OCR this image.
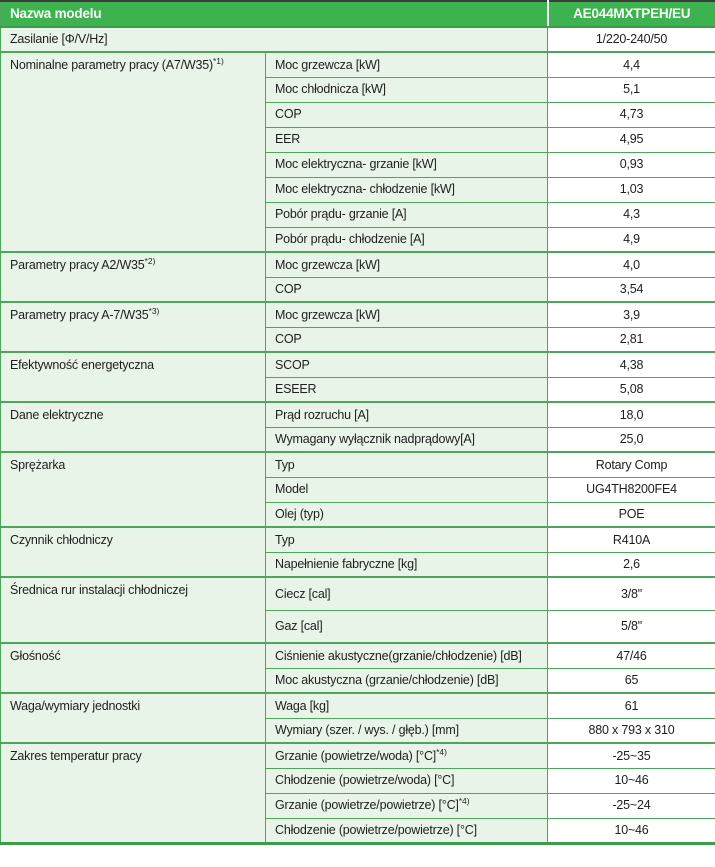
Nazwa modelu		AE044MXTPEH/EU
Zasilanie [Φ/V/Hz]		1/220-240/50
Nominalne parametry pracy $(A7/W35)^{*1)}$	Moc grzewcza [kW]	4,4
	Moc chłodnicza [kW]	5,1
	COP	4,73
	EER	4,95
	Moc elektryczna- grzanie [kW]	0,93
	Moc elektryczna- chłodzenie [kW]	1,03
	Pobór prądu- grzanie [A]	4,3
	Pobór prądu- chłodzenie [A]	4,9
Parametry pracy A2/W35$^{*2)}$	Moc grzewcza [kW]	4,0
	COP	3,54
Parametry pracy A-7/W35$^{*3)}$	Moc grzewcza [kW]	3,9
	COP	2,81
Efektywność energetyczna	SCOP	4,38
	ESEER	5,08
Dane elektryczne	Prąd rozruchu [A]	18,0
	Wymagany wyłącznik nadprądowy[A]	25,0
Sprężarka	Typ	Rotary Comp
	Model	UG4TH8200FE4
	Olej (typ)	POE
Czynnik chłodniczy	Typ	R410A
	Napełnienie fabryczne [kg]	2,6
Średnica rur instalacji chłodniczej	Ciecz [cal]	3/8"
	Gaz [cal]	5/8"
Głośność	Ciśnienie akustyczne(grzanie/chłodzenie) [dB]	47/46
	Moc akustyczna (grzanie/chłodzenie) [dB]	65
Waga/wymiary jednostki	Waga [kg]	61
	Wymiary (szer. / wys. / głęb.) [mm]	880 x 793 x 310
Zakres temperatur pracy	Grzanie (powietrze/woda) $[^\circ C]^{*4)}$	-25~35
	Chłodzenie (powietrze/woda) [°C]	10~46
	Grzanie (powietrze/powietrze) $[^\circ C]^{*4)}$	-25~24
	Chłodzenie (powietrze/powietrze) [°C]	10~46
